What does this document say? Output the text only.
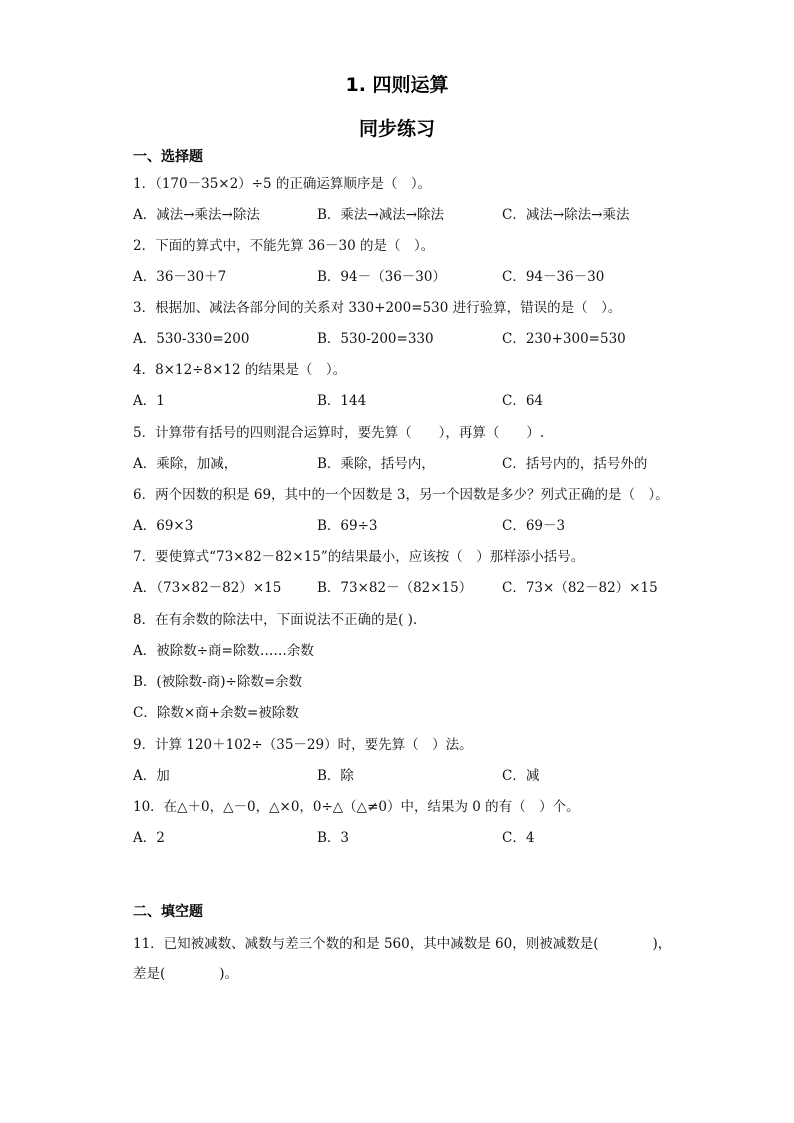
1. 四则运算
同步练习
一、选择题
1．（170－35×2）÷5 的正确运算顺序是（　）。
A．减法→乘法→除法	B．乘法→减法→除法	C．减法→除法→乘法
2．下面的算式中，不能先算 36－30 的是（　）。
A．36－30＋7	B．94－（36－30）	C．94－36－30
3．根据加、减法各部分间的关系对 330+200=530 进行验算，错误的是（　）。
A．530-330=200	B．530-200=330	C．230+300=530
4．8×12÷8×12 的结果是（　）。
A．1	B．144	C．64
5．计算带有括号的四则混合运算时，要先算（　　），再算（　　）.
A．乘除，加减，	B．乘除，括号内，	C．括号内的，括号外的
6．两个因数的积是 69，其中的一个因数是 3，另一个因数是多少？列式正确的是（　）。
A．69×3	B．69÷3	C．69－3
7．要使算式“73×82－82×15”的结果最小，应该按（　）那样添小括号。
A．（73×82－82）×15	B．73×82－（82×15） C．73×（82－82）×15
8．在有余数的除法中，下面说法不正确的是( ).
A．被除数÷商=除数……余数
B．(被除数-商)÷除数=余数
C．除数×商+余数=被除数
9．计算 120＋102÷（35－29）时，要先算（　）法。
A．加	B．除	C．减
10．在△＋0，△－0，△×0，0÷△（△≠0）中，结果为 0 的有（　）个。
A．2	B．3	C．4
二、填空题
11．已知被减数、减数与差三个数的和是 560，其中减数是 60，则被减数是(　　　　)，
差是(　　　　)。
